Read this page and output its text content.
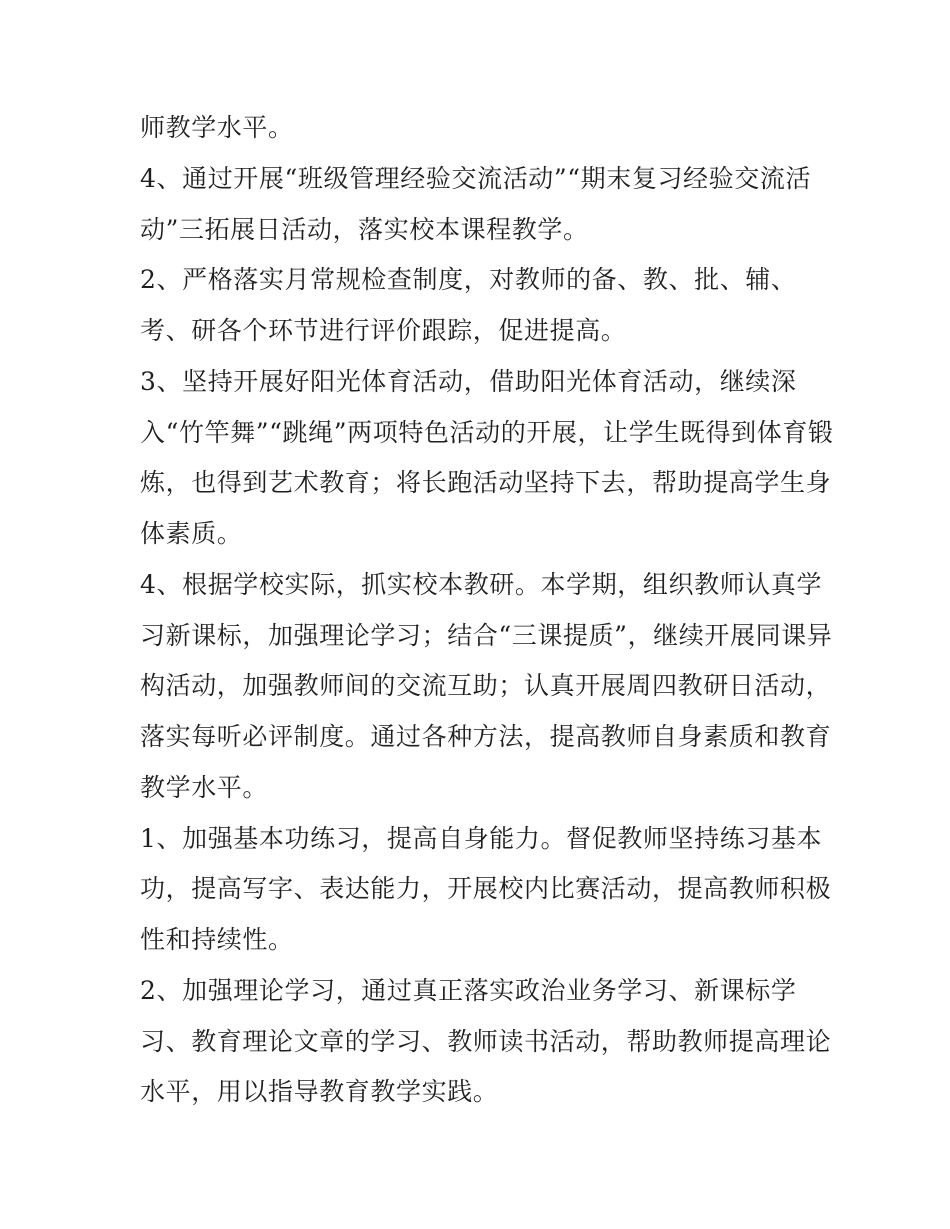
师教学水平。
4、通过开展“班级管理经验交流活动”“期末复习经验交流活
动”三拓展日活动，落实校本课程教学。
2、严格落实月常规检查制度，对教师的备、教、批、辅、
考、研各个环节进行评价跟踪，促进提高。
3、坚持开展好阳光体育活动，借助阳光体育活动，继续深
入“竹竿舞”“跳绳”两项特色活动的开展，让学生既得到体育锻
炼，也得到艺术教育；将长跑活动坚持下去，帮助提高学生身
体素质。
4、根据学校实际，抓实校本教研。本学期，组织教师认真学
习新课标，加强理论学习；结合“三课提质”，继续开展同课异
构活动，加强教师间的交流互助；认真开展周四教研日活动，
落实每听必评制度。通过各种方法，提高教师自身素质和教育
教学水平。
1、加强基本功练习，提高自身能力。督促教师坚持练习基本
功，提高写字、表达能力，开展校内比赛活动，提高教师积极
性和持续性。
2、加强理论学习，通过真正落实政治业务学习、新课标学
习、教育理论文章的学习、教师读书活动，帮助教师提高理论
水平，用以指导教育教学实践。
